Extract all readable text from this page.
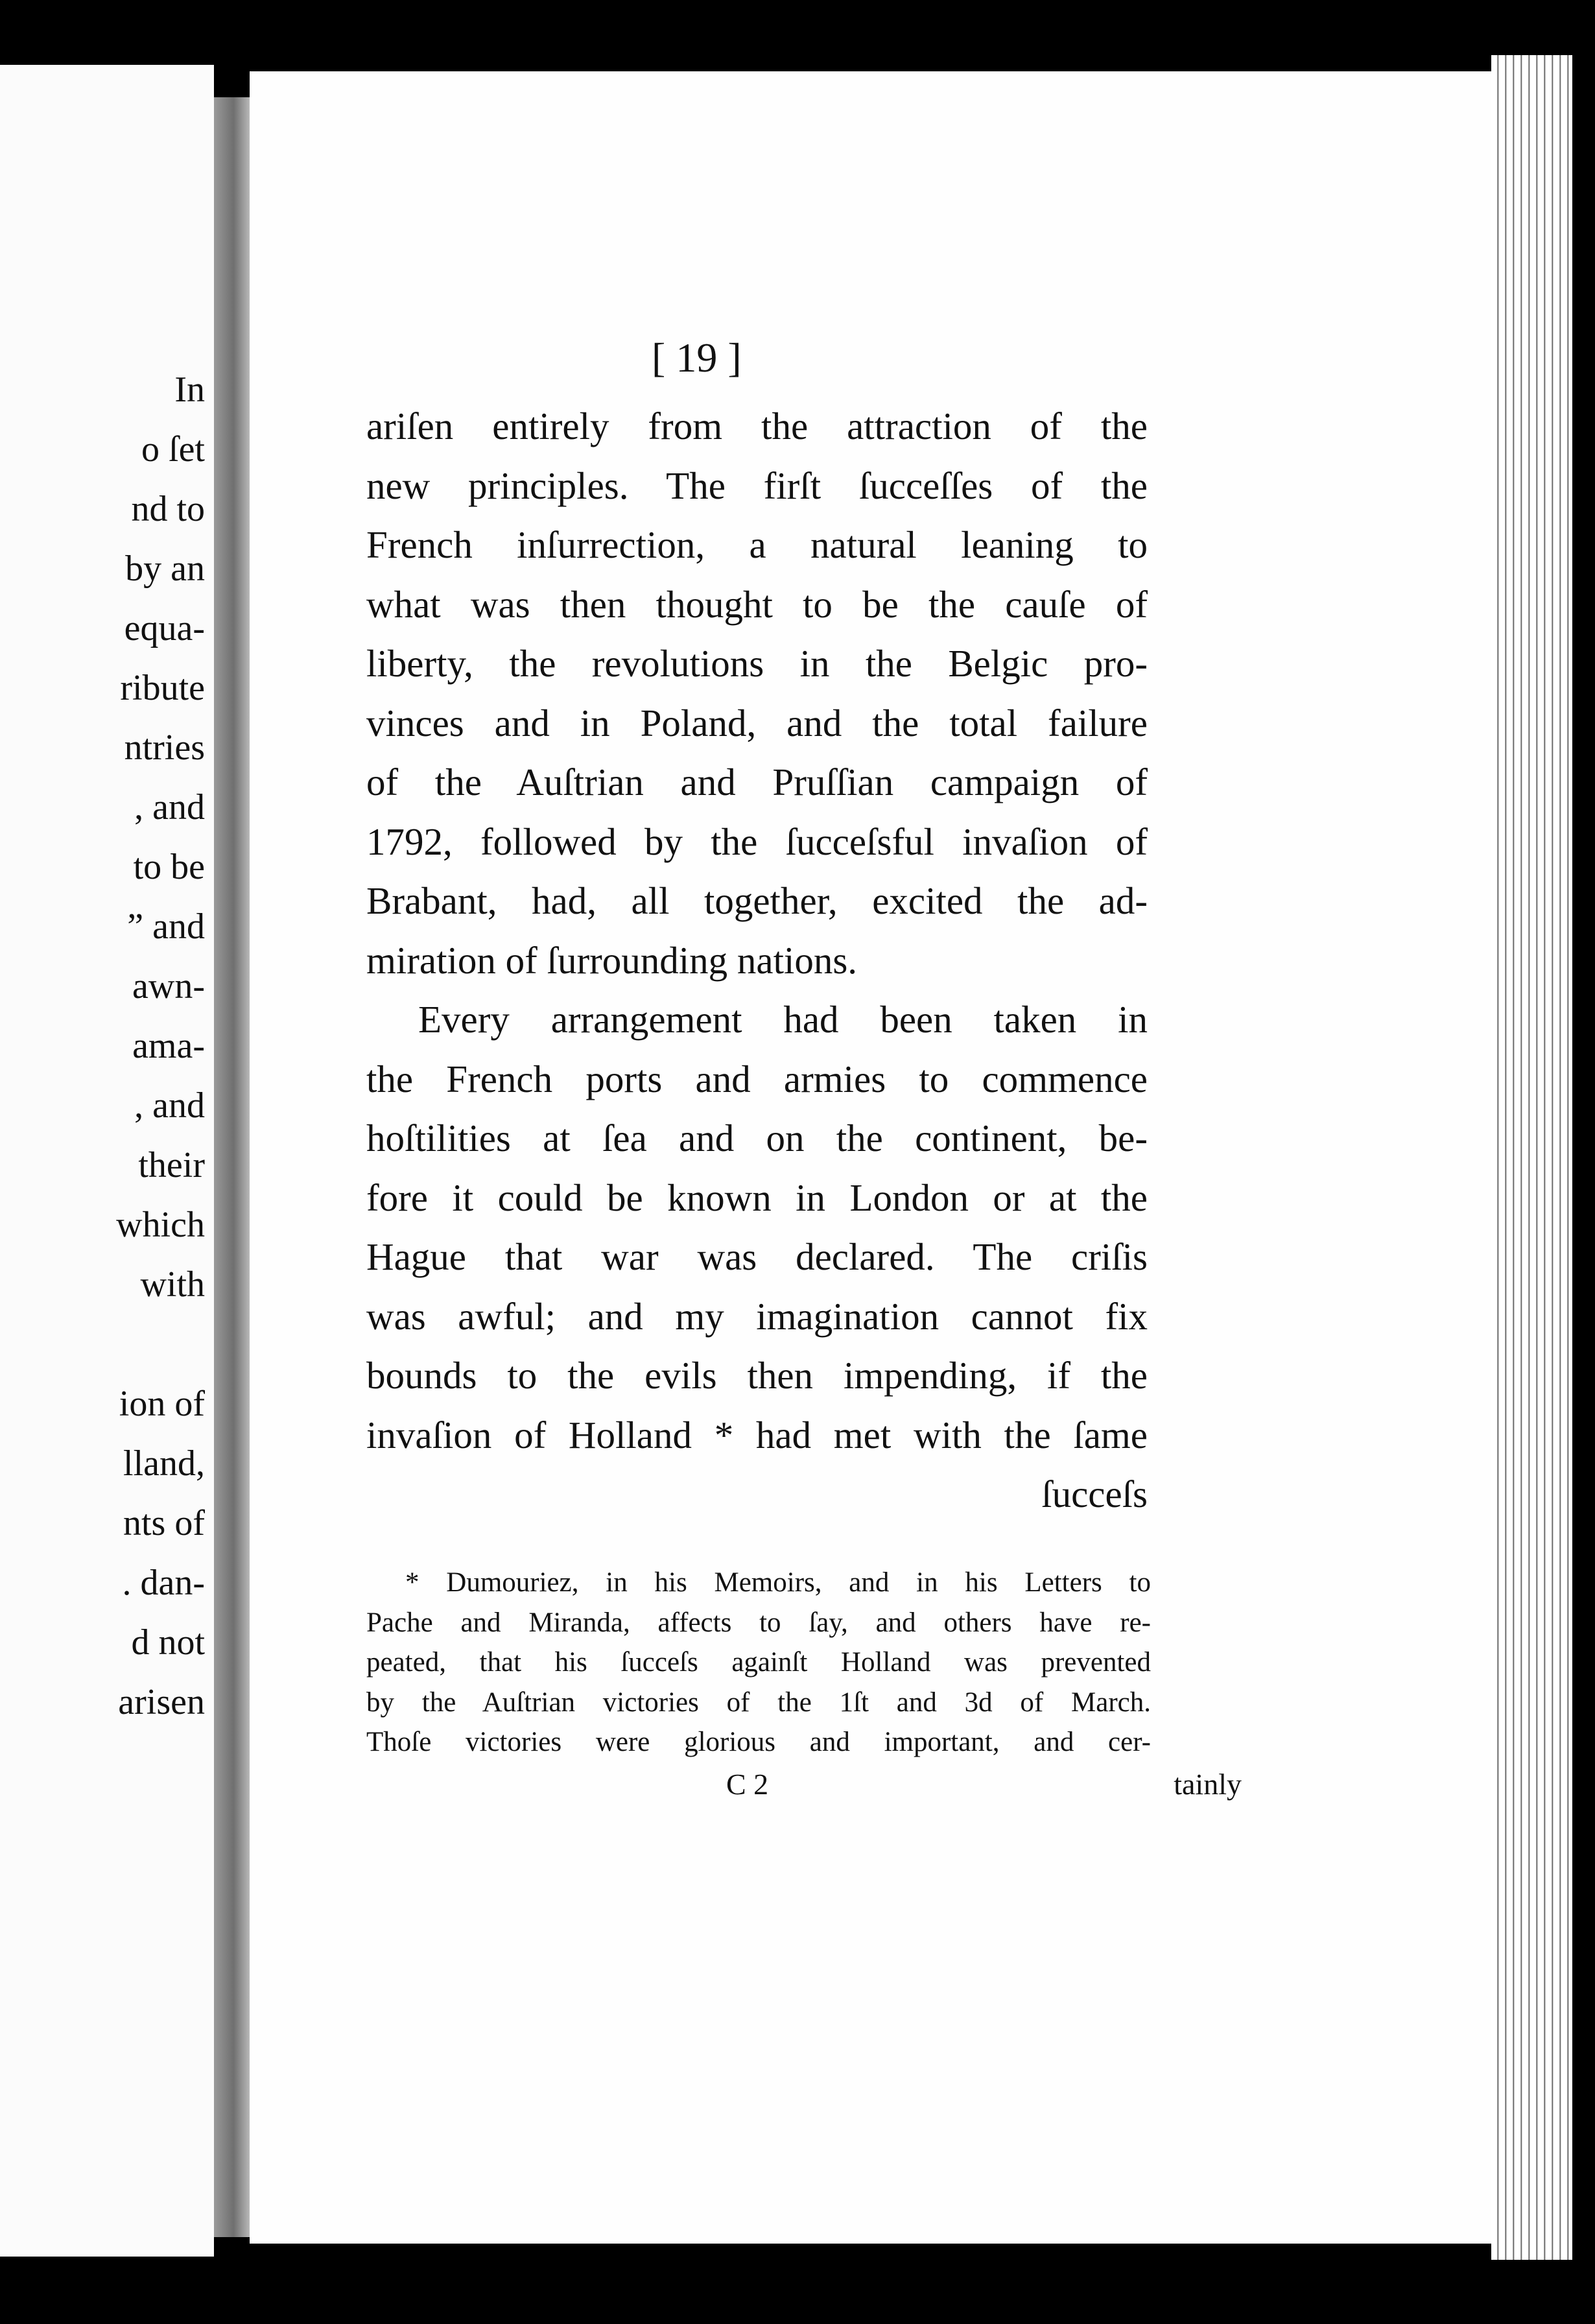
In
o ſet
nd to
by an
equa-
ribute
ntries
, and
to be
” and
awn-
ama-
, and
their
which
with
ion of
lland,
nts of
. dan-
d not
arisen
[ 19 ]
ariſen entirely from the attraction of the
new principles. The firſt ſucceſſes of the
French inſurrection, a natural leaning to
what was then thought to be the cauſe of
liberty, the revolutions in the Belgic pro-
vinces and in Poland, and the total failure
of the Auſtrian and Pruſſian campaign of
1792, followed by the ſucceſsful invaſion of
Brabant, had, all together, excited the ad-
miration of ſurrounding nations.
Every arrangement had been taken in
the French ports and armies to commence
hoſtilities at ſea and on the continent, be-
fore it could be known in London or at the
Hague that war was declared. The criſis
was awful; and my imagination cannot fix
bounds to the evils then impending, if the
invaſion of Holland * had met with the ſame
ſucceſs
* Dumouriez, in his Memoirs, and in his Letters to
Pache and Miranda, affects to ſay, and others have re-
peated, that his ſucceſs againſt Holland was prevented
by the Auſtrian victories of the 1ſt and 3d of March.
Thoſe victories were glorious and important, and cer-
C 2	tainly
